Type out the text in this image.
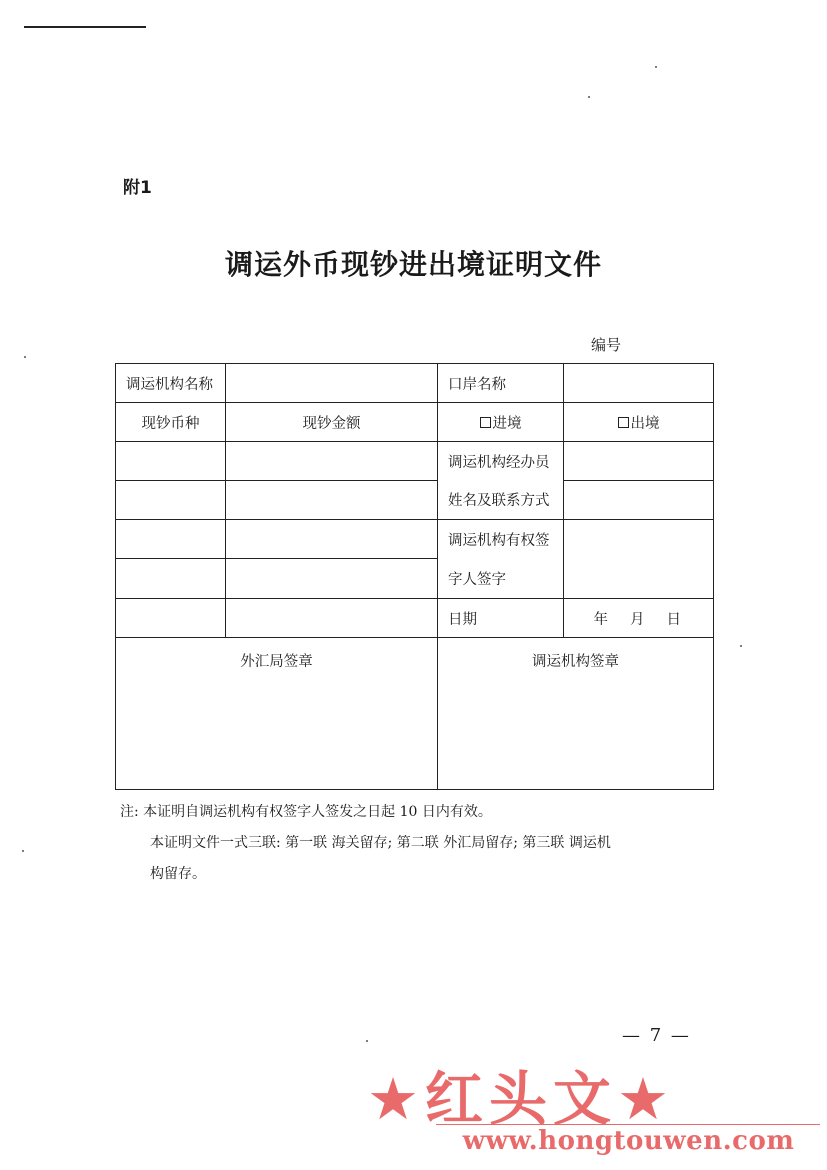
附1
调运外币现钞进出境证明文件
编号
调运机构名称	口岸名称
现钞币种	现钞金额	进境	出境
调运机构经办员
姓名及联系方式
调运机构有权签
字人签字
日期	年 月 日
外汇局签章	调运机构签章
注: 本证明自调运机构有权签字人签发之日起 10 日内有效。
本证明文件一式三联: 第一联 海关留存; 第二联 外汇局留存; 第三联 调运机
构留存。
— 7 —
★红头文★
www.hongtouwen.com
